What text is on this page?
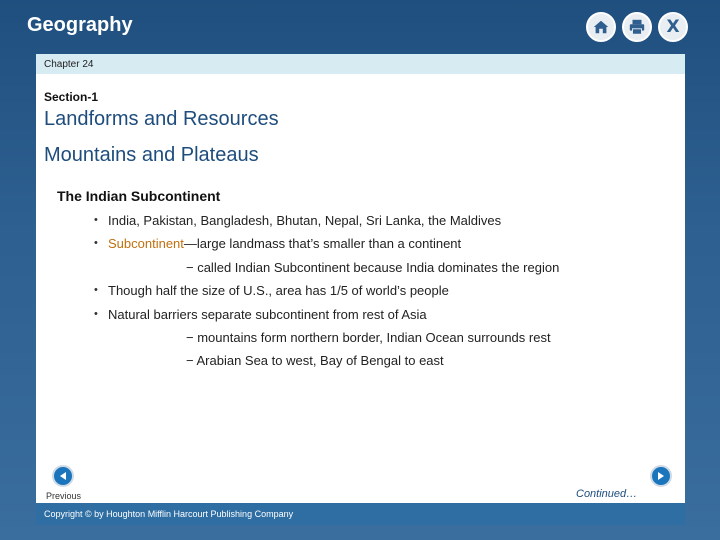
Geography	X
Chapter 24
Section-1
Landforms and Resources
Mountains and Plateaus
The Indian Subcontinent
• India, Pakistan, Bangladesh, Bhutan, Nepal, Sri Lanka, the Maldives
• Subcontinent—large landmass that’s smaller than a continent
− called Indian Subcontinent because India dominates the region
• Though half the size of U.S., area has 1/5 of world’s people
• Natural barriers separate subcontinent from rest of Asia
− mountains form northern border, Indian Ocean surrounds rest
− Arabian Sea to west, Bay of Bengal to east
Previous	Continued… Next
Copyright © by Houghton Mifflin Harcourt Publishing Company
